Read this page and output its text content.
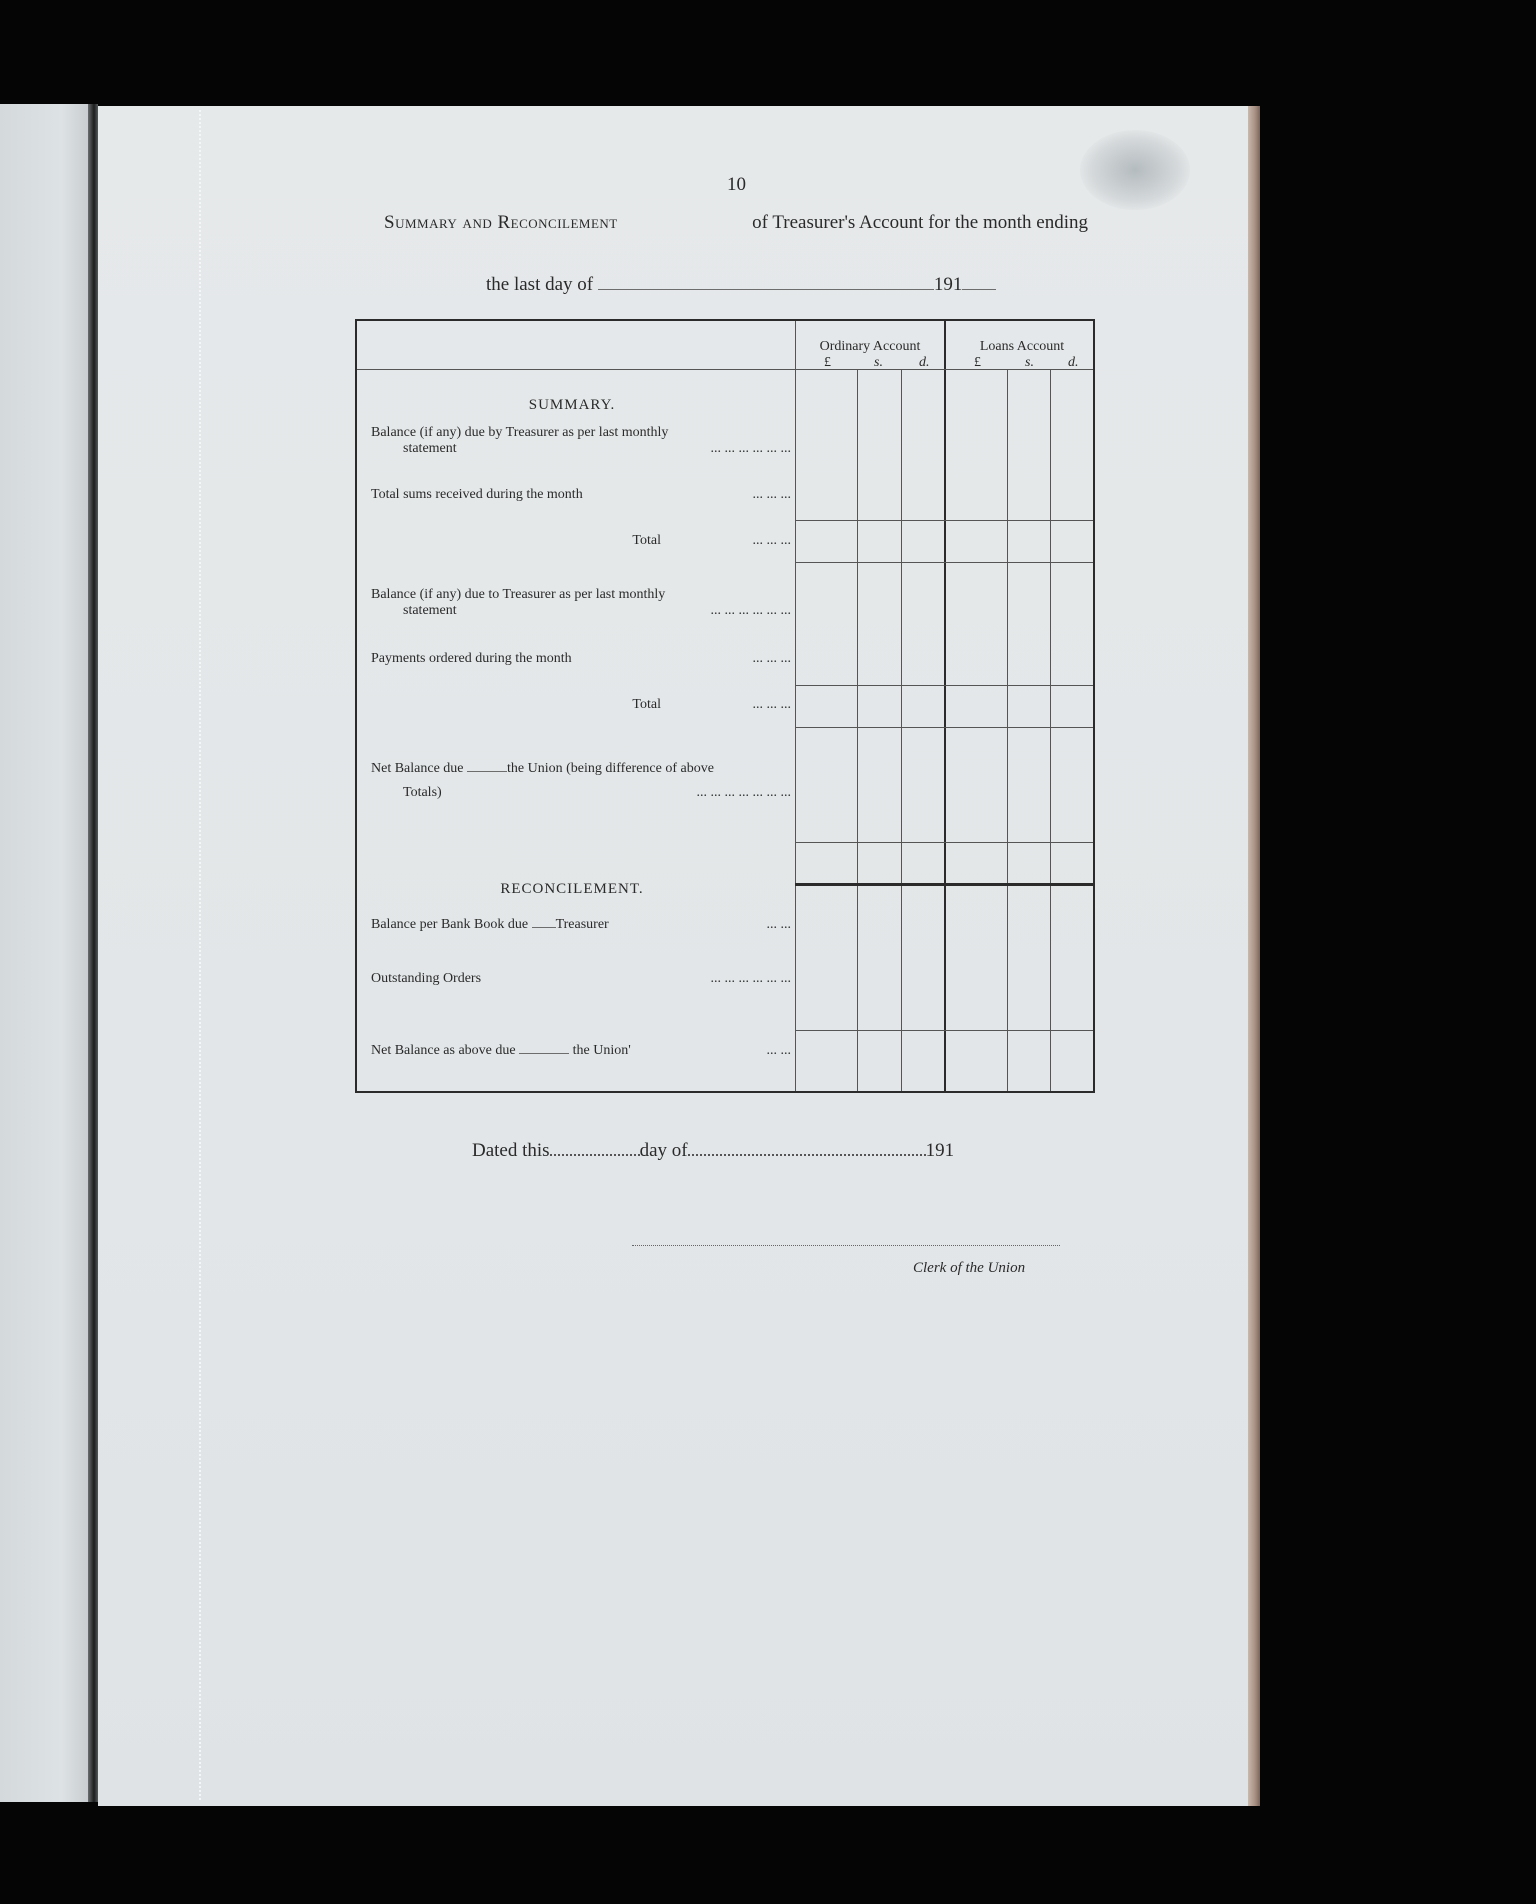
10
Summary and Reconcilement	of Treasurer's Account for the month ending
the last day of	191
Ordinary Account
£	s.	d.
Loans Account
£	s. d.
SUMMARY.
Balance (if any) due by Treasurer as per last monthly
statement	... ... ... ... ... ...
Total sums received during the month	... ... ...
Total	... ... ...
Balance (if any) due to Treasurer as per last monthly
statement	... ... ... ... ... ...
Payments ordered during the month	... ... ...
Total	... ... ...
Net Balance due	the Union (being difference of above
Totals)	... ... ... ... ... ... ...
RECONCILEMENT.
Balance per Bank Book due Treasurer	... ...
Outstanding Orders	... ... ... ... ... ...
Net Balance as above due	the Union'	... ...
Dated this	day of	191
Clerk of the Union
